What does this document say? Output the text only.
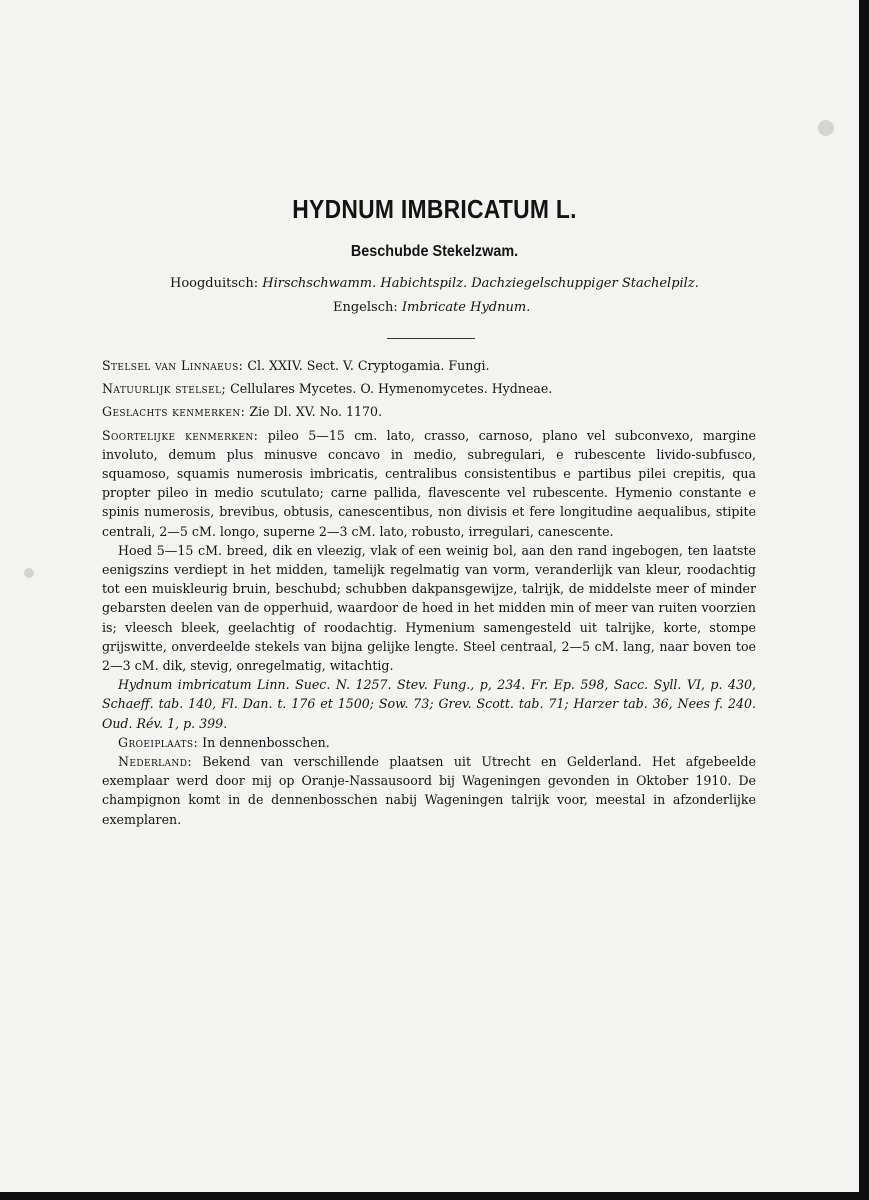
HYDNUM IMBRICATUM L.
Beschubde Stekelzwam.
Hoogduitsch: Hirschschwamm. Habichtspilz. Dachziegelschuppiger Stachelpilz.
Engelsch: Imbricate Hydnum.

Stelsel van Linnaeus: Cl. XXIV. Sect. V. Cryptogamia. Fungi.

Natuurlijk stelsel; Cellulares Mycetes. O. Hymenomycetes. Hydneae.

Geslachts kenmerken: Zie Dl. XV. No. 1170.

Soortelijke kenmerken: pileo 5—15 cm. lato, crasso, carnoso, plano vel subconvexo, margine involuto, demum plus minusve concavo in medio, subregulari, e rubescente livido-subfusco, squamoso, squamis numerosis imbricatis, centralibus consistentibus e partibus pilei crepitis, qua propter pileo in medio scutulato; carne pallida, flavescente vel rubescente. Hymenio constante e spinis numerosis, brevibus, obtusis, canescentibus, non divisis et fere longitudine aequalibus, stipite centrali, 2—5 cM. longo, superne 2—3 cM. lato, robusto, irregulari, canescente.

Hoed 5—15 cM. breed, dik en vleezig, vlak of een weinig bol, aan den rand ingebogen, ten laatste eenigszins verdiept in het midden, tamelijk regelmatig van vorm, veranderlijk van kleur, roodachtig tot een muiskleurig bruin, beschubd; schubben dakpansgewijze, talrijk, de middelste meer of minder gebarsten deelen van de opperhuid, waardoor de hoed in het midden min of meer van ruiten voorzien is; vleesch bleek, geelachtig of roodachtig. Hymenium samengesteld uit talrijke, korte, stompe grijswitte, onverdeelde stekels van bijna gelijke lengte. Steel centraal, 2—5 cM. lang, naar boven toe 2—3 cM. dik, stevig, onregelmatig, witachtig.

Hydnum imbricatum Linn. Suec. N. 1257. Stev. Fung., p, 234. Fr. Ep. 598, Sacc. Syll. VI, p. 430, Schaeff. tab. 140, Fl. Dan. t. 176 et 1500; Sow. 73; Grev. Scott. tab. 71; Harzer tab. 36, Nees f. 240. Oud. Rév. 1, p. 399.

Groeiplaats: In dennenbosschen.

Nederland: Bekend van verschillende plaatsen uit Utrecht en Gelderland. Het afgebeelde exemplaar werd door mij op Oranje-Nassausoord bij Wageningen gevonden in Oktober 1910. De champignon komt in de dennenbosschen nabij Wageningen talrijk voor, meestal in afzonderlijke exemplaren.
